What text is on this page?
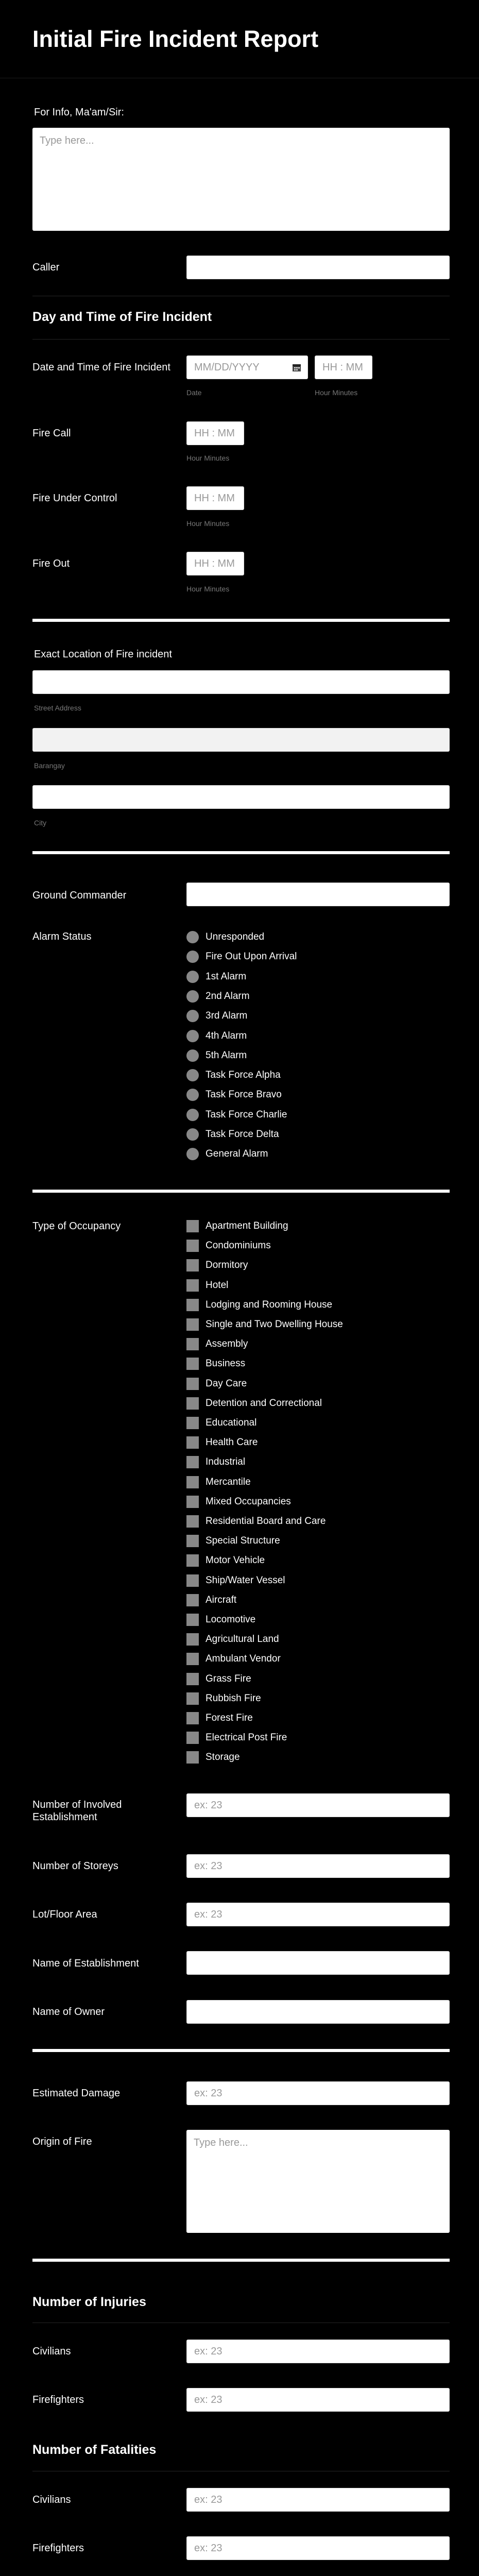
Initial Fire Incident Report
For Info, Ma'am/Sir:
Type here...
Caller
Day and Time of Fire Incident
Date and Time of Fire Incident MM/DD/YYYY	HH : MM
Date	Hour Minutes
Fire Call	HH : MM
Hour Minutes
Fire Under Control	HH : MM
Hour Minutes
Fire Out	HH : MM
Hour Minutes
Exact Location of Fire incident
Street Address
Barangay
City
Ground Commander
Alarm Status	Unresponded
Fire Out Upon Arrival
1st Alarm
2nd Alarm
3rd Alarm
4th Alarm
5th Alarm
Task Force Alpha
Task Force Bravo
Task Force Charlie
Task Force Delta
General Alarm
Type of Occupancy	Apartment Building
Condominiums
Dormitory
Hotel
Lodging and Rooming House
Single and Two Dwelling House
Assembly
Business
Day Care
Detention and Correctional
Educational
Health Care
Industrial
Mercantile
Mixed Occupancies
Residential Board and Care
Special Structure
Motor Vehicle
Ship/Water Vessel
Aircraft
Locomotive
Agricultural Land
Ambulant Vendor
Grass Fire
Rubbish Fire
Forest Fire
Electrical Post Fire
Storage
Number of Involved Establishment
ex: 23
Number of Storeys	ex: 23
Lot/Floor Area	ex: 23
Name of Establishment
Name of Owner
Estimated Damage	ex: 23
Origin of Fire	Type here...
Number of Injuries
Civilians	ex: 23
Firefighters	ex: 23
Number of Fatalities
Civilians	ex: 23
Firefighters	ex: 23
